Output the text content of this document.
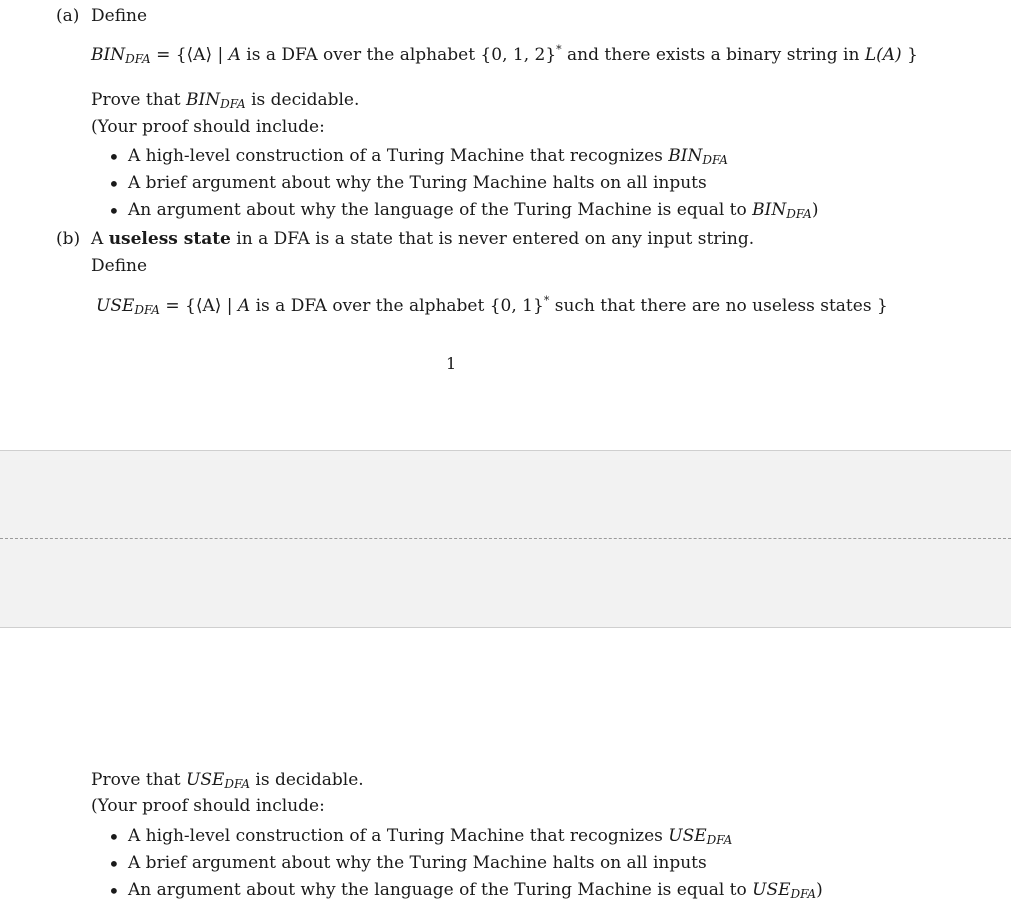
(a) Define
BINDFA = {⟨A⟩ | A is a DFA over the alphabet {0, 1, 2}* and there exists a binary string in L(A) }
Prove that BINDFA is decidable.
(Your proof should include:
• A high-level construction of a Turing Machine that recognizes BINDFA
• A brief argument about why the Turing Machine halts on all inputs
• An argument about why the language of the Turing Machine is equal to BINDFA)
(b) A useless state in a DFA is a state that is never entered on any input string.
Define
USEDFA = {⟨A⟩ | A is a DFA over the alphabet {0, 1}* such that there are no useless states }
1
Prove that USEDFA is decidable.
(Your proof should include:
• A high-level construction of a Turing Machine that recognizes USEDFA
• A brief argument about why the Turing Machine halts on all inputs
• An argument about why the language of the Turing Machine is equal to USEDFA)
